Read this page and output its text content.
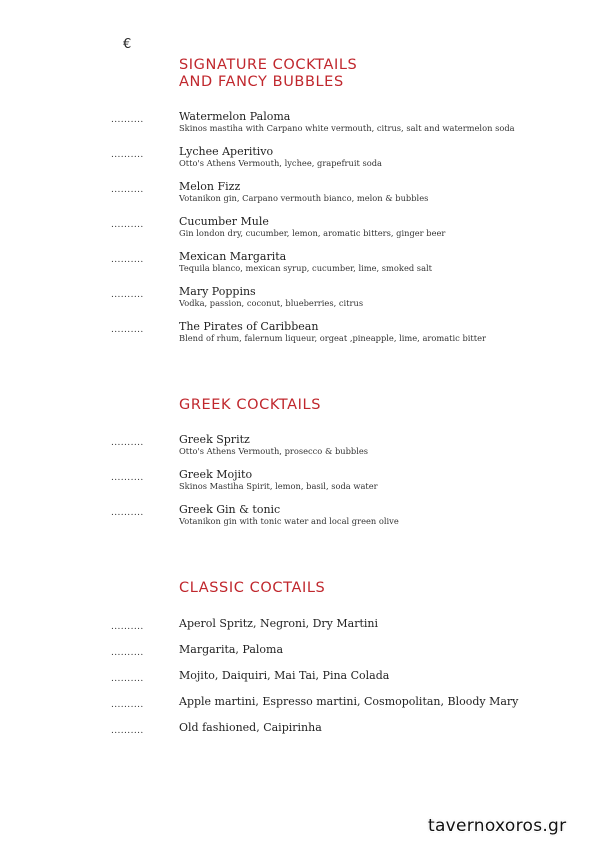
€
SIGNATURE COCKTAILS
AND FANCY BUBBLES
..........	Watermelon Paloma
Skinos mastiha with Carpano white vermouth, citrus, salt and watermelon soda
..........	Lychee Aperitivo
Otto's Athens Vermouth, lychee, grapefruit soda
..........	Melon Fizz
Votanikon gin, Carpano vermouth bianco, melon & bubbles
..........	Cucumber Mule
Gin london dry, cucumber, lemon, aromatic bitters, ginger beer
..........	Mexican Margarita
Tequila blanco, mexican syrup, cucumber, lime, smoked salt
..........	Mary Poppins
Vodka, passion, coconut, blueberries, citrus
..........	The Pirates of Caribbean
Blend of rhum, falernum liqueur, orgeat ,pineapple, lime, aromatic bitter
GREEK COCKTAILS
..........	Greek Spritz
Otto's Athens Vermouth, prosecco & bubbles
..........	Greek Mojito
Skinos Mastiha Spirit, lemon, basil, soda water
..........	Greek Gin & tonic
Votanikon gin with tonic water and local green olive
CLASSIC COCTAILS
..........	Aperol Spritz, Negroni, Dry Martini
..........	Margarita, Paloma
..........	Mojito, Daiquiri, Mai Tai, Pina Colada
..........	Apple martini, Espresso martini, Cosmopolitan, Bloody Mary
..........	Old fashioned, Caipirinha
tavernoxoros.gr
